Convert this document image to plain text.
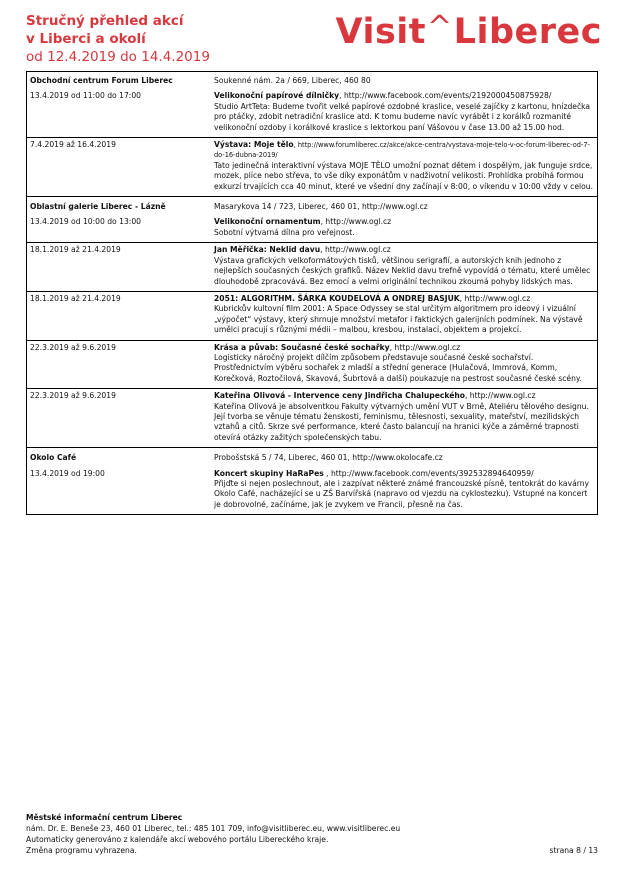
Stručný přehled akcí
v Liberci a okolí
od 12.4.2019 do 14.4.2019
Visit^Liberec
Obchodní centrum Forum Liberec	Soukenné nám. 2a / 669, Liberec, 460 80
13.4.2019 od 11:00 do 17:00	Velikonoční papírové dílničky, http://www.facebook.com/events/2192000450875928/
Studio ArtTeta: Budeme tvořit velké papírové ozdobné kraslice, veselé zajíčky z kartonu, hnízdečka pro ptáčky, zdobit netradiční kraslice atd. K tomu budeme navíc vyrábět i z korálků rozmanité velikonoční ozdoby i korálkové kraslice s lektorkou paní Vášovou v čase 13.00 až 15.00 hod.
7.4.2019 až 16.4.2019	Výstava: Moje tělo, http://www.forumliberec.cz/akce/akce-centra/vystava-moje-telo-v-oc-forum-liberec-od-7-do-16-dubna-2019/
Tato jedinečná interaktivní výstava MOJE TĚLO umožní poznat dětem i dospělým, jak funguje srdce, mozek, plíce nebo střeva, to vše díky exponátům v nadživotní velikosti. Prohlídka probíhá formou exkurzí trvajících cca 40 minut, které ve všední dny začínají v 8:00, o víkendu v 10:00 vždy v celou.
Oblastní galerie Liberec - Lázně	Masarykova 14 / 723, Liberec, 460 01, http://www.ogl.cz
13.4.2019 od 10:00 do 13:00	Velikonoční ornamentum, http://www.ogl.cz
Sobotní výtvarná dílna pro veřejnost.
18.1.2019 až 21.4.2019	Jan Měřička: Neklid davu, http://www.ogl.cz
Výstava grafických velkoformátových tisků, většinou serigrafií, a autorských knih jednoho z nejlepších současných českých grafiků. Název Neklid davu trefně vypovídá o tématu, které umělec dlouhodobě zpracovává. Bez emocí a velmi originální technikou zkoumá pohyby lidských mas.
18.1.2019 až 21.4.2019	2051: ALGORITHM. ŠÁRKA KOUDELOVÁ A ONDREJ BASJUK, http://www.ogl.cz
Kubrickův kultovní film 2001: A Space Odyssey se stal určitým algoritmem pro ideový i vizuální „výpočet“ výstavy, který shrnuje množství metafor i faktických galerijních podmínek. Na výstavě umělci pracují s různými médii – malbou, kresbou, instalací, objektem a projekcí.
22.3.2019 až 9.6.2019	Krása a půvab: Současné české sochařky, http://www.ogl.cz
Logisticky náročný projekt dílčím způsobem představuje současné české sochařství. Prostřednictvím výběru sochařek z mladší a střední generace (Hulačová, Immrová, Komm, Korečková, Roztočilová, Skavová, Šubrtová a další) poukazuje na pestrost současné české scény.
22.3.2019 až 9.6.2019	Kateřina Olivová - Intervence ceny Jindřicha Chalupeckého, http://www.ogl.cz
Kateřina Olivová je absolventkou Fakulty výtvarných umění VUT v Brně, Ateliéru tělového designu. Její tvorba se věnuje tématu ženskosti, feminismu, tělesnosti, sexuality, mateřství, mezilidských vztahů a citů. Skrze své performance, které často balancují na hranici kýče a záměrné trapnosti otevírá otázky zažitých společenských tabu.
Okolo Café	Probošstská 5 / 74, Liberec, 460 01, http://www.okolocafe.cz
13.4.2019 od 19:00	Koncert skupiny HaRaPes , http://www.facebook.com/events/392532894640959/
Přijďte si nejen poslechnout, ale i zazpívat některé známé francouzské písně, tentokrát do kavárny Okolo Café, nacházející se u ZŠ Barvířská (napravo od vjezdu na cyklostezku). Vstupné na koncert je dobrovolné, začínáme, jak je zvykem ve Francii, přesně na čas.
Městské informační centrum Liberec
nám. Dr. E. Beneše 23, 460 01 Liberec, tel.: 485 101 709, info@visitliberec.eu, www.visitliberec.eu
Automaticky generováno z kalendáře akcí webového portálu Libereckého kraje.
Změna programu vyhrazena.	strana 8 / 13
